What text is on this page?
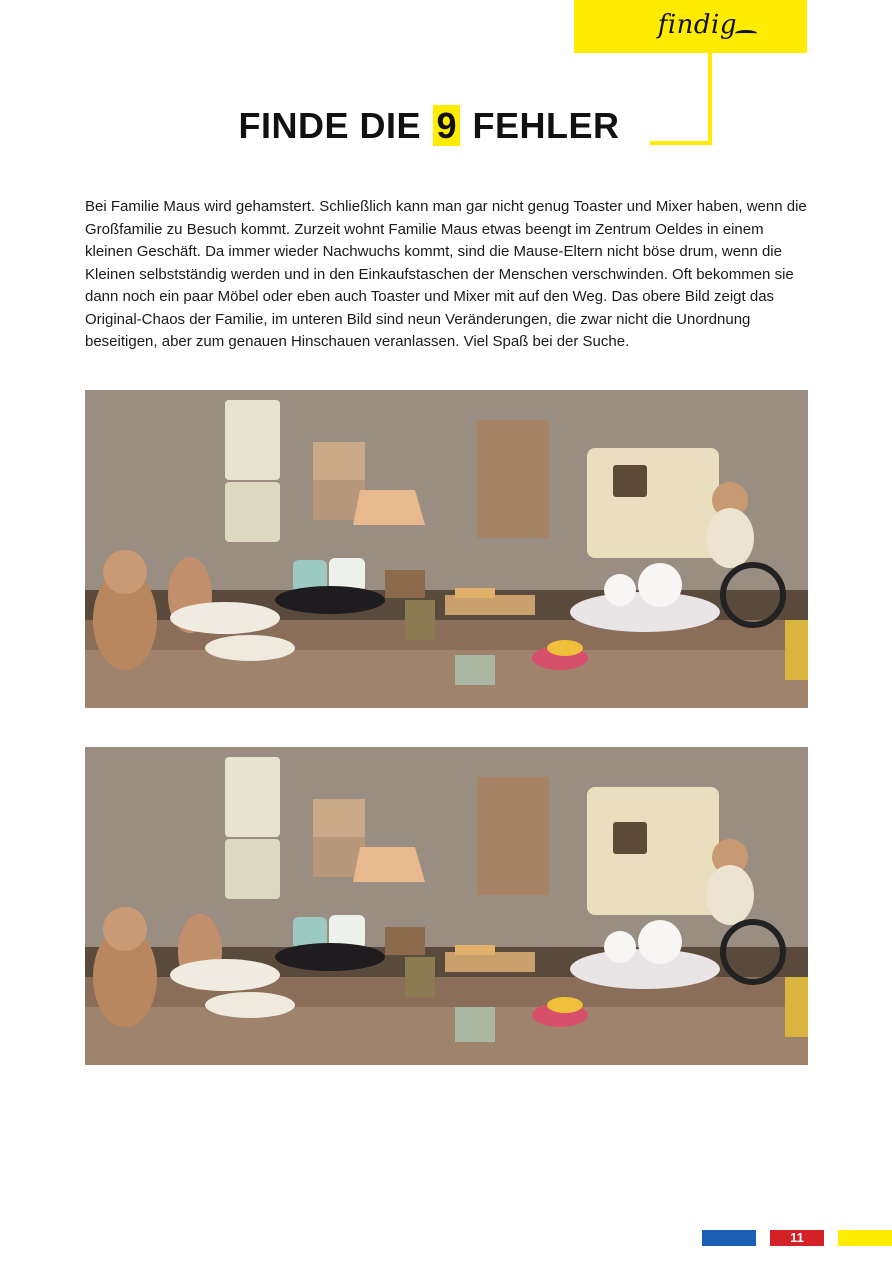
findig
FINDE DIE 9 FEHLER

Bei Familie Maus wird gehamstert. Schließlich kann man gar nicht genug Toaster und Mixer haben, wenn die Großfamilie zu Besuch kommt. Zurzeit wohnt Familie Maus etwas beengt im Zentrum Oeldes in einem kleinen Geschäft. Da immer wieder Nachwuchs kommt, sind die Mause-Eltern nicht böse drum, wenn die Kleinen selbstständig werden und in den Einkaufstaschen der Menschen verschwinden. Oft bekommen sie dann noch ein paar Möbel oder eben auch Toaster und Mixer mit auf den Weg. Das obere Bild zeigt das Original-Chaos der Familie, im unteren Bild sind neun Veränderungen, die zwar nicht die Unordnung beseitigen, aber zum genauen Hinschauen veranlassen. Viel Spaß bei der Suche.

11
